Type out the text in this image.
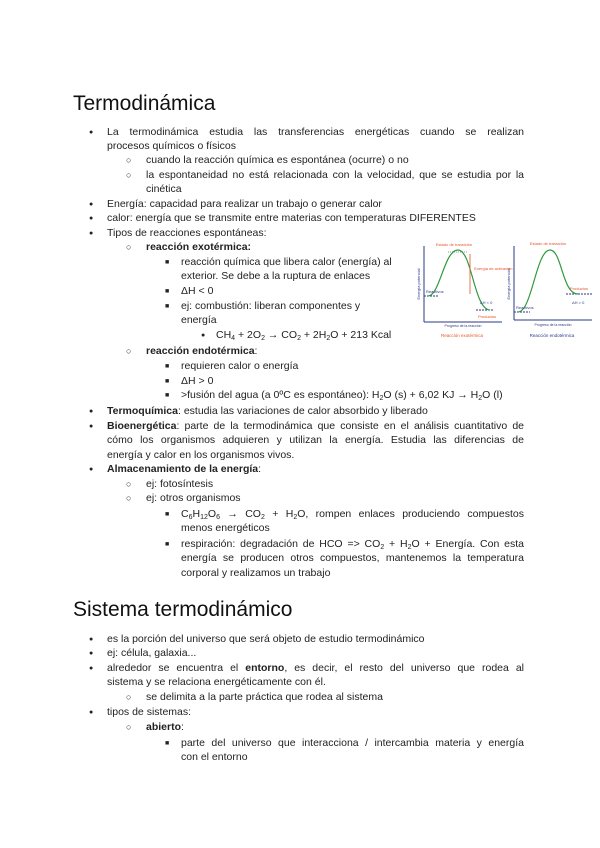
Termodinámica
●
La termodinámica estudia las transferencias energéticas cuando se realizan
procesos químicos o físicos
○
cuando la reacción química es espontánea (ocurre) o no
○
la espontaneidad no está relacionada con la velocidad, que se estudia por la
cinética
●
Energía: capacidad para realizar un trabajo o generar calor
●
calor: energía que se transmite entre materias con temperaturas DIFERENTES
●
Tipos de reacciones espontáneas:
○
reacción exotérmica:
■
reacción química que libera calor (energía) al
exterior. Se debe a la ruptura de enlaces
■
ΔH < 0
■
ej: combustión: liberan componentes y
energía
●
$CH_4 + 2O_2 \to CO_2 + 2H_2O + 213$ Kcal
○
reacción endotérmica:
■
requieren calor o energía
■
ΔH > 0
■
>fusión del agua (a 0ºC es espontáneo): $H_2O$ (s) + 6,02 KJ → $H_2O$ (l)
●
Termoquímica: estudia las variaciones de calor absorbido y liberado
●
Bioenergética: parte de la termodinámica que consiste en el análisis cuantitativo de
cómo los organismos adquieren y utilizan la energía. Estudia las diferencias de
energía y calor en los organismos vivos.
●
Almacenamiento de la energía:
○
ej: fotosíntesis
○
ej: otros organismos
■
$C_6H_{12}O_6 \to CO_2 + H_2O$, rompen enlaces produciendo compuestos
menos energéticos
■
respiración: degradación de HCO => $CO_2 + H_2O$ + Energía. Con esta
energía se producen otros compuestos, mantenemos la temperatura
corporal y realizamos un trabajo
Energía potencial
Estado de transición
Energía de activación
Reactivos
Productos
ΔH < 0
Progreso de la reacción
Reacción exotérmica
Energía potencial
Estado de transición
Productos
Reactivos
ΔH > 0
Progreso de la reacción
Reacción endotérmica
Sistema termodinámico
●
es la porción del universo que será objeto de estudio termodinámico
●
ej: célula, galaxia...
●
alrededor se encuentra el entorno, es decir, el resto del universo que rodea al
sistema y se relaciona energéticamente con él.
○
se delimita a la parte práctica que rodea al sistema
●
tipos de sistemas:
○
abierto:
■
parte del universo que interacciona / intercambia materia y energía
con el entorno
